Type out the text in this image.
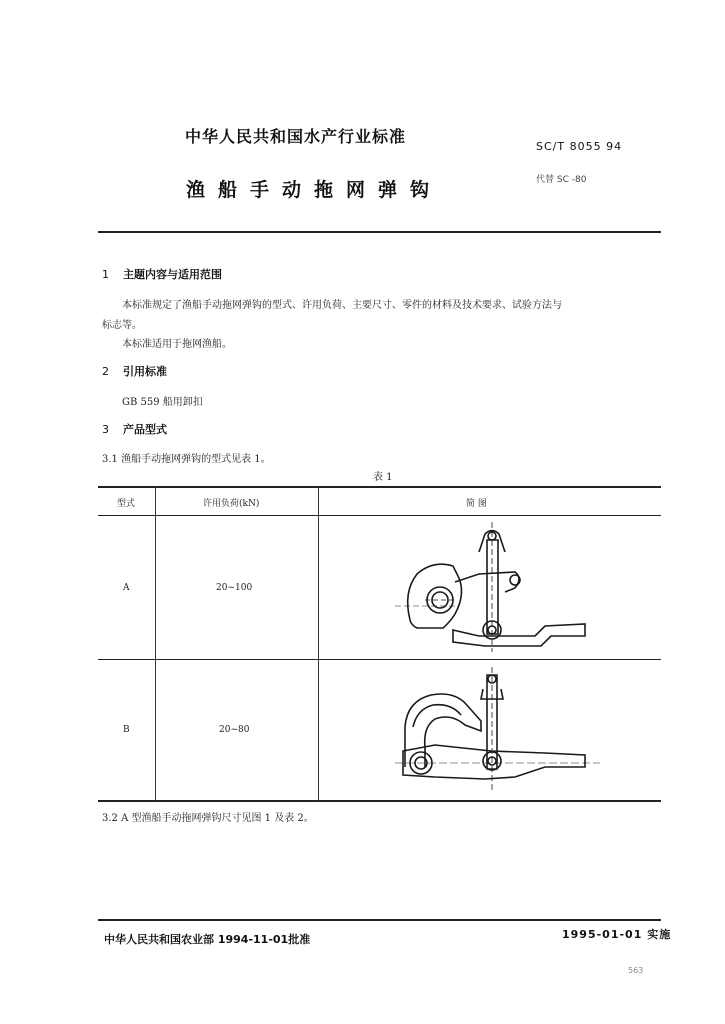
中华人民共和国水产行业标准
SC/T 8055 94
渔船手动拖网弹钩	代替 SC -80
1 主题内容与适用范围
本标准规定了渔船手动拖网弹钩的型式、许用负荷、主要尺寸、零件的材料及技术要求、试验方法与
标志等。
本标准适用于拖网渔船。
2 引用标准
GB 559 船用卸扣
3 产品型式
3.1 渔船手动拖网弹钩的型式见表 1。
表 1
型式	许用负荷(kN)	简 图
A	20~100
B	20~80
3.2 A 型渔船手动拖网弹钩尺寸见图 1 及表 2。
中华人民共和国农业部 1994-11-01批准	1995-01-01 实施
563
